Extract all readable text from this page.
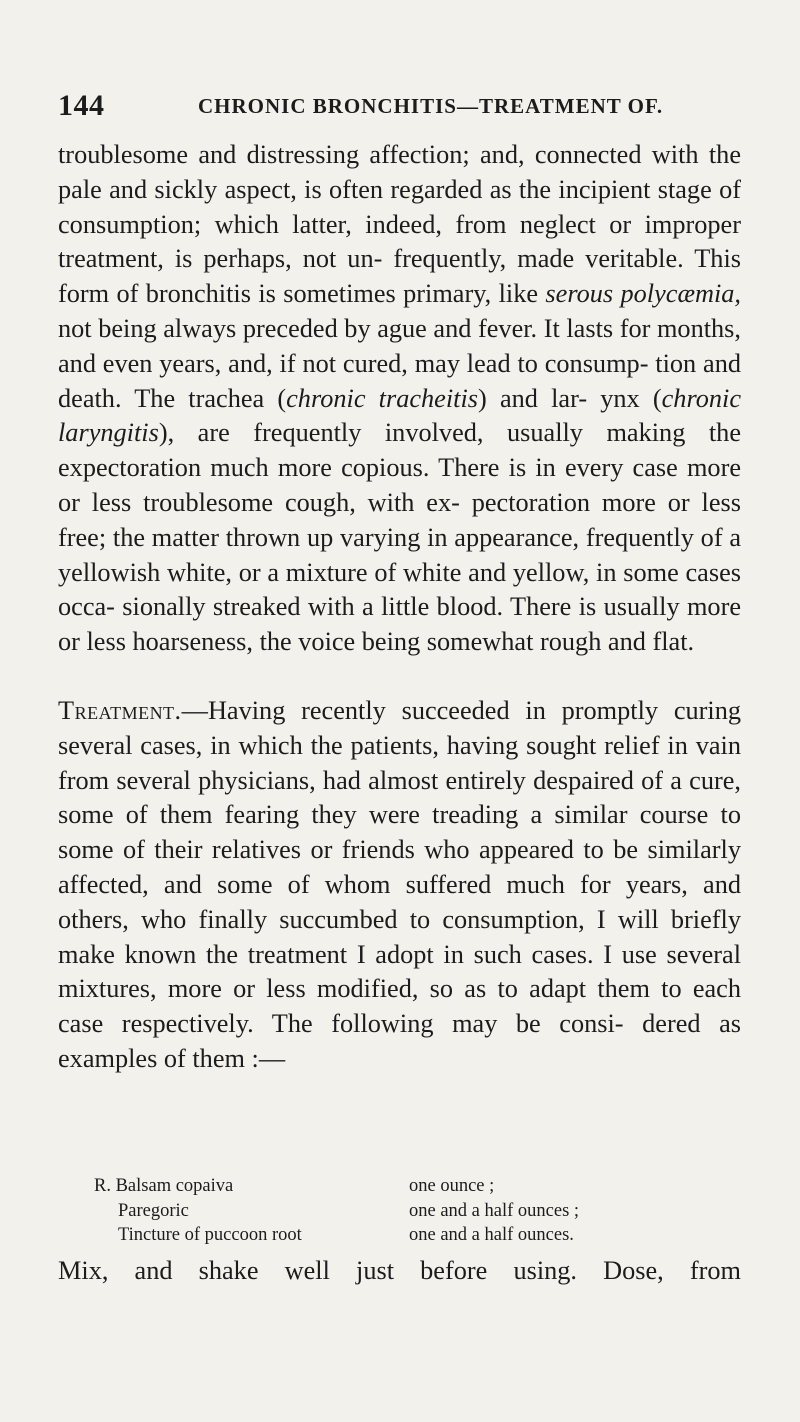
144	CHRONIC BRONCHITIS—TREATMENT OF.

troublesome and distressing affection; and, connected with the pale and sickly aspect, is often regarded as the incipient stage of consumption; which latter, indeed, from neglect or improper treatment, is perhaps, not un- frequently, made veritable. This form of bronchitis is sometimes primary, like serous polycæmia, not being always preceded by ague and fever. It lasts for months, and even years, and, if not cured, may lead to consump- tion and death. The trachea (chronic tracheitis) and lar- ynx (chronic laryngitis), are frequently involved, usually making the expectoration much more copious. There is in every case more or less troublesome cough, with ex- pectoration more or less free; the matter thrown up varying in appearance, frequently of a yellowish white, or a mixture of white and yellow, in some cases occa- sionally streaked with a little blood. There is usually more or less hoarseness, the voice being somewhat rough and flat.

Treatment.—Having recently succeeded in promptly curing several cases, in which the patients, having sought relief in vain from several physicians, had almost entirely despaired of a cure, some of them fearing they were treading a similar course to some of their relatives or friends who appeared to be similarly affected, and some of whom suffered much for years, and others, who finally succumbed to consumption, I will briefly make known the treatment I adopt in such cases. I use several mixtures, more or less modified, so as to adapt them to each case respectively. The following may be consi- dered as examples of them :—

R. Balsam copaiva	one ounce ;
Paregoric	one and a half ounces ;
Tincture of puccoon root	one and a half ounces.
Mix, and shake well just before using. Dose, from
